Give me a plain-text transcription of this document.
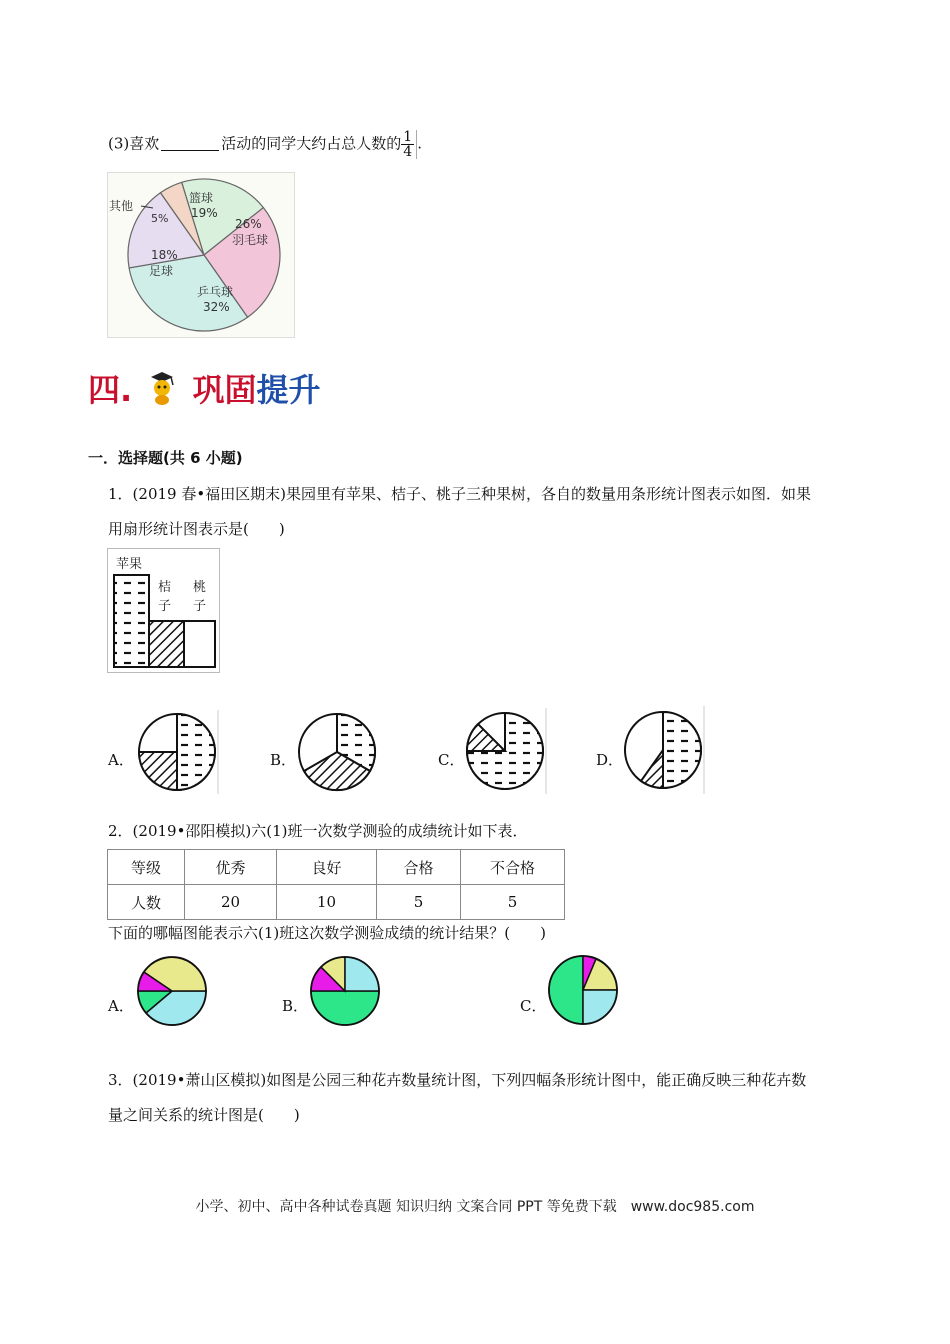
(3)喜欢	活动的同学大约占总人数的 $\frac{1}{4}$ .
篮球
19%
26%
羽毛球
乒乓球
32%
18%
足球
其他
5%
四. 巩固提升
一．选择题(共 6 小题)
1．(2019 春•福田区期末)果园里有苹果、桔子、桃子三种果树，各自的数量用条形统计图表示如图．如果
用扇形统计图表示是(　　)
苹果
桔
子
桃
子
A．	B．	C．	D．
2．(2019•邵阳模拟)六(1)班一次数学测验的成绩统计如下表．
等级	优秀	良好	合格	不合格
人数	20	10	5	5
下面的哪幅图能表示六(1)班这次数学测验成绩的统计结果？(　　)
A．	B．	C．
3．(2019•萧山区模拟)如图是公园三种花卉数量统计图，下列四幅条形统计图中，能正确反映三种花卉数
量之间关系的统计图是(　　)
小学、初中、高中各种试卷真题 知识归纳 文案合同 PPT 等免费下载　www.doc985.com
